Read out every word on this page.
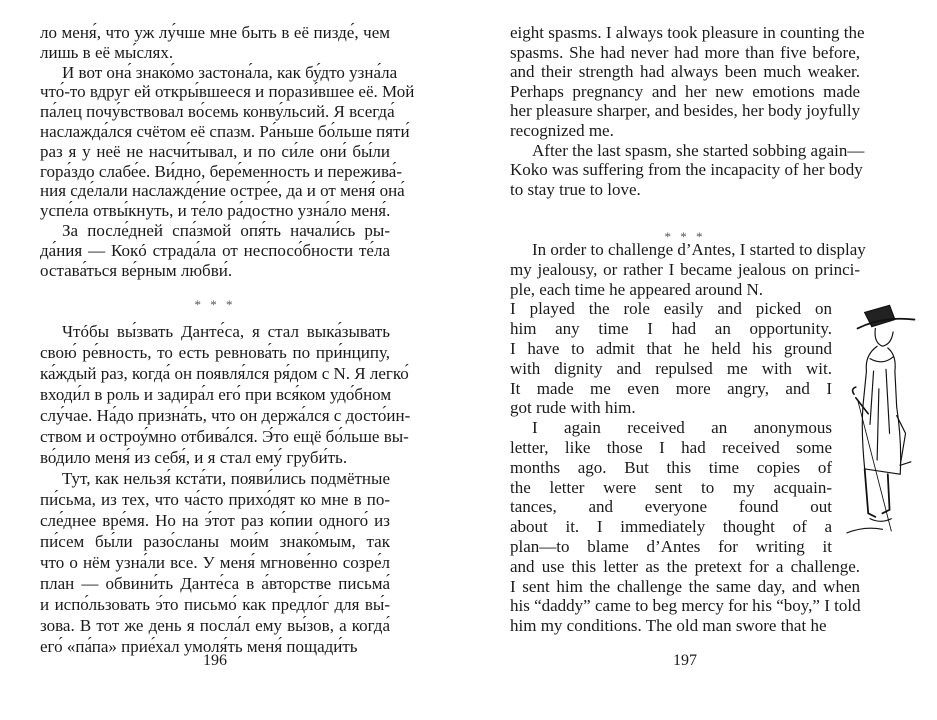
ло меня́, что уж лу́чше мне быть в её пизде́, чем
лишь в её мы́слях.
И вот она́ знако́мо застона́ла, как бу́дто узна́ла
что́-то вдруг ей откры́вшееся и порази́вшее её. Мой
па́лец почу́вствовал во́семь конву́льсий. Я всегда́
наслажда́лся счётом её спазм. Ра́ньше бо́льше пяти́
раз я у неё не насчи́тывал, и по си́ле они́ бы́ли
гора́здо слабе́е. Ви́дно, бере́менность и пережива́-
ния сде́лали наслажде́ние остре́е, да и от меня́ она́
успе́ла отвы́кнуть, и те́ло ра́достно узна́ло меня́.
За после́дней спа́змой опя́ть начали́сь ры-
да́ния — Кокó страда́ла от неспосо́бности те́ла
остава́ться ве́рным любви́.
* * *
Чтóбы вы́звать Данте́са, я стал выка́зывать
свою́ ре́вность, то есть ревнова́ть по при́нципу,
ка́ждый раз, когда́ он появля́лся ря́дом с N. Я легко́
входи́л в роль и задира́л его́ при вся́ком удо́бном
слу́чае. На́до призна́ть, что он держа́лся с досто́ин-
ством и остроу́мно отбива́лся. Э́то ещё бо́льше вы-
во́дило меня́ из себя́, и я стал ему́ груби́ть.
Тут, как нельзя́ кста́ти, появи́лись подмётные
пи́сьма, из тех, что ча́сто прихо́дят ко мне в по-
сле́днее вре́мя. Но на э́тот раз ко́пии одного́ из
пи́сем бы́ли разо́сланы мои́м знако́мым, так
что о нём узна́ли все. У меня́ мгнове́нно созре́л
план — обвини́ть Данте́са в а́вторстве письма́
и испо́льзовать э́то письмо́ как предло́г для вы́-
зова. В тот же день я посла́л ему вы́зов, а когда́
его́ «па́па» прие́хал умоля́ть меня́ пощади́ть
196
eight spasms. I always took pleasure in counting the
spasms. She had never had more than five before,
and their strength had always been much weaker.
Perhaps pregnancy and her new emotions made
her pleasure sharper, and besides, her body joyfully
recognized me.
After the last spasm, she started sobbing again—
Koko was suffering from the incapacity of her body
to stay true to love.
* * *
In order to challenge d’Antes, I started to display
my jealousy, or rather I became jealous on princi-
ple, each time he appeared around N.
I played the role easily and picked on
him any time I had an opportunity.
I have to admit that he held his ground
with dignity and repulsed me with wit.
It made me even more angry, and I
got rude with him.
I again received an anonymous
letter, like those I had received some
months ago. But this time copies of
the letter were sent to my acquain-
tances, and everyone found out
about it. I immediately thought of a
plan—to blame d’Antes for writing it
and use this letter as the pretext for a challenge.
I sent him the challenge the same day, and when
his “daddy” came to beg mercy for his “boy,” I told
him my conditions. The old man swore that he
197
